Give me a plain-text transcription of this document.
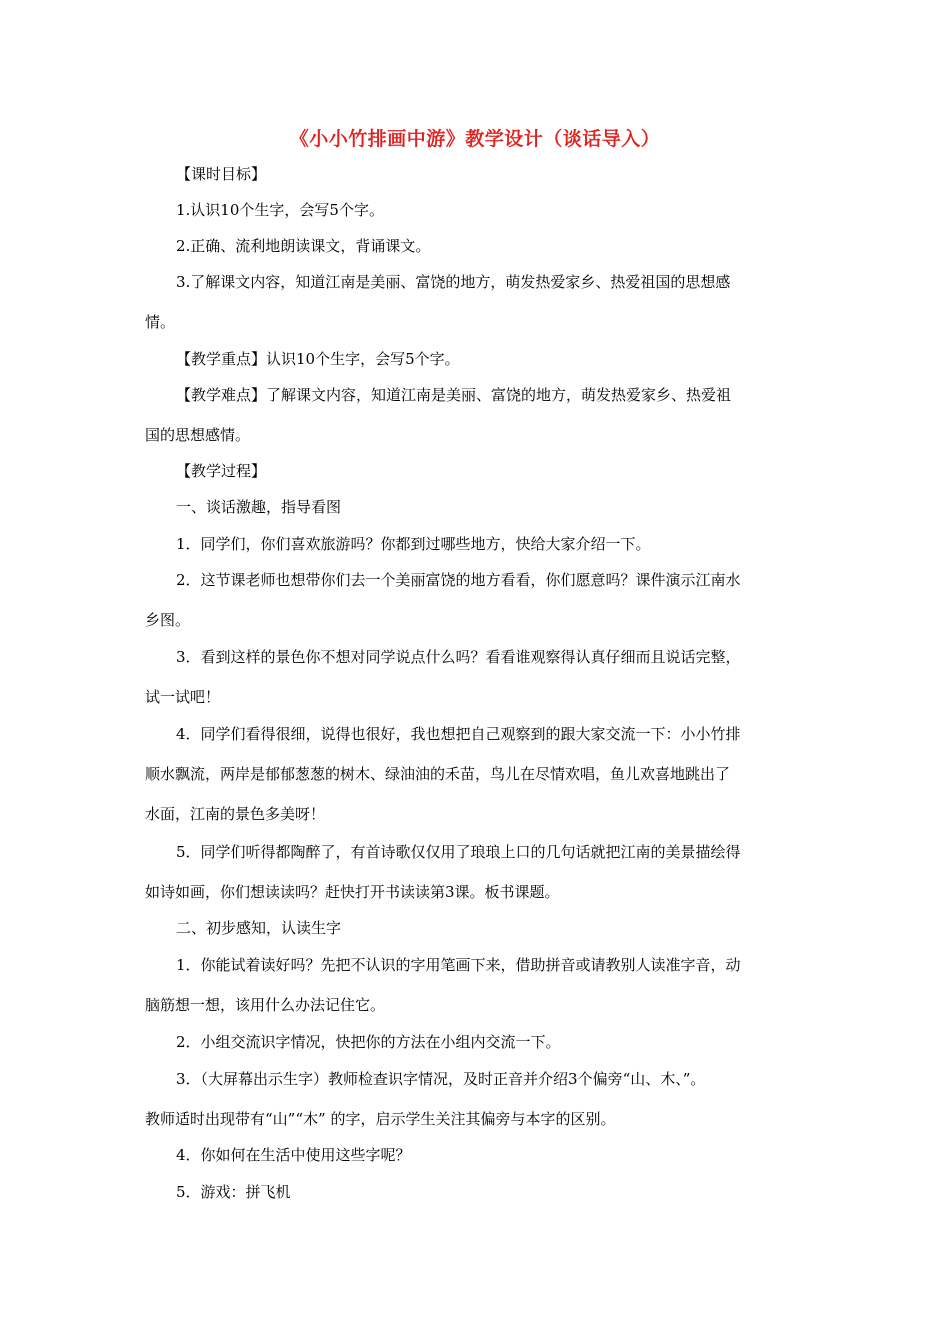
《小小竹排画中游》教学设计（谈话导入）
【课时目标】
1.认识10个生字，会写5个字。
2.正确、流利地朗读课文，背诵课文。
3.了解课文内容，知道江南是美丽、富饶的地方，萌发热爱家乡、热爱祖国的思想感
情。
【教学重点】认识10个生字，会写5个字。
【教学难点】了解课文内容，知道江南是美丽、富饶的地方，萌发热爱家乡、热爱祖
国的思想感情。
【教学过程】
一、谈话激趣，指导看图
1．同学们，你们喜欢旅游吗？你都到过哪些地方，快给大家介绍一下。
2．这节课老师也想带你们去一个美丽富饶的地方看看，你们愿意吗？课件演示江南水
乡图。
3．看到这样的景色你不想对同学说点什么吗？看看谁观察得认真仔细而且说话完整，
试一试吧！
4．同学们看得很细，说得也很好，我也想把自己观察到的跟大家交流一下：小小竹排
顺水飘流，两岸是郁郁葱葱的树木、绿油油的禾苗，鸟儿在尽情欢唱，鱼儿欢喜地跳出了
水面，江南的景色多美呀！
5．同学们听得都陶醉了，有首诗歌仅仅用了琅琅上口的几句话就把江南的美景描绘得
如诗如画，你们想读读吗？赶快打开书读读第3课。板书课题。
二、初步感知，认读生字
1．你能试着读好吗？先把不认识的字用笔画下来，借助拼音或请教别人读准字音，动
脑筋想一想，该用什么办法记住它。
2．小组交流识字情况，快把你的方法在小组内交流一下。
3．（大屏幕出示生字）教师检查识字情况，及时正音并介绍3个偏旁“山、木、”。
教师适时出现带有“山”“木” 的字，启示学生关注其偏旁与本字的区别。
4．你如何在生活中使用这些字呢？
5．游戏：拼飞机
